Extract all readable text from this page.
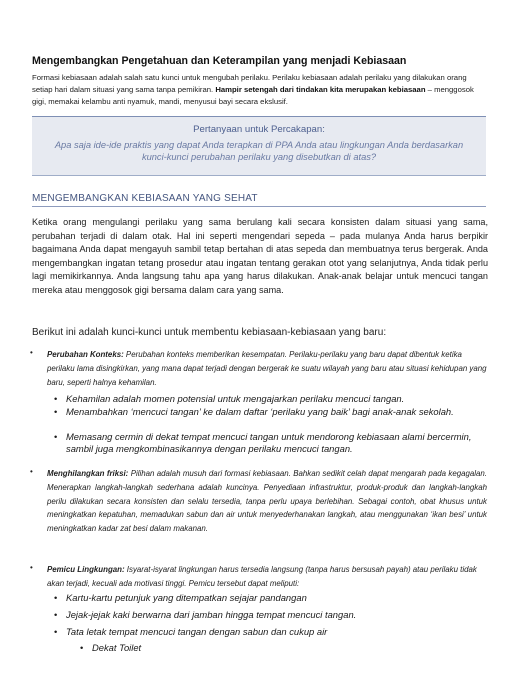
Mengembangkan Pengetahuan dan Keterampilan yang menjadi Kebiasaan
Formasi kebiasaan adalah salah satu kunci untuk mengubah perilaku. Perilaku kebiasaan adalah perilaku yang dilakukan orang setiap hari dalam situasi yang sama tanpa pemikiran. Hampir setengah dari tindakan kita merupakan kebiasaan – menggosok gigi, memakai kelambu anti nyamuk, mandi, menyusui bayi secara ekslusif.
Pertanyaan untuk Percakapan:
Apa saja ide-ide praktis yang dapat Anda terapkan di PPA Anda atau lingkungan Anda berdasarkan kunci-kunci perubahan perilaku yang disebutkan di atas?
MENGEMBANGKAN KEBIASAAN YANG SEHAT
Ketika orang mengulangi perilaku yang sama berulang kali secara konsisten dalam situasi yang sama, perubahan terjadi di dalam otak. Hal ini seperti mengendari sepeda – pada mulanya Anda harus berpikir bagaimana Anda dapat mengayuh sambil tetap bertahan di atas sepeda dan membuatnya terus bergerak. Anda mengembangkan ingatan tetang prosedur atau ingatan tentang gerakan otot yang selanjutnya, Anda tidak perlu lagi memikirkannya. Anda langsung tahu apa yang harus dilakukan. Anak-anak belajar untuk mencuci tangan mereka atau menggosok gigi bersama dalam cara yang sama.
Berikut ini adalah kunci-kunci untuk membentu kebiasaan-kebiasaan yang baru:
• Perubahan Konteks: Perubahan konteks memberikan kesempatan. Perilaku-perilaku yang baru dapat dibentuk ketika perilaku lama disingkirkan, yang mana dapat terjadi dengan bergerak ke suatu wilayah yang baru atau situasi kehidupan yang baru, seperti halnya kehamilan.
• Kehamilan adalah momen potensial untuk mengajarkan perilaku mencuci tangan.
• Menambahkan ‘mencuci tangan’ ke dalam daftar ‘perilaku yang baik’ bagi anak-anak sekolah.
• Memasang cermin di dekat tempat mencuci tangan untuk mendorong kebiasaan alami bercermin, sambil juga mengkombinasikannya dengan perilaku mencuci tangan.
• Menghilangkan friksi: Pilihan adalah musuh dari formasi kebiasaan. Bahkan sedikit celah dapat mengarah pada kegagalan. Menerapkan langkah-langkah sederhana adalah kuncinya. Penyediaan infrastruktur, produk-produk dan langkah-langkah perilu dilakukan secara konsisten dan selalu tersedia, tanpa perlu upaya berlebihan. Sebagai contoh, obat khusus untuk meningkatkan kepatuhan, memadukan sabun dan air untuk menyederhanakan langkah, atau menggunakan ‘ikan besi’ untuk meningkatkan kadar zat besi dalam makanan.
• Pemicu Lingkungan: Isyarat-isyarat lingkungan harus tersedia langsung (tanpa harus bersusah payah) atau perilaku tidak akan terjadi, kecuali ada motivasi tinggi. Pemicu tersebut dapat meliputi:
• Kartu-kartu petunjuk yang ditempatkan sejajar pandangan
• Jejak-jejak kaki berwarna dari jamban hingga tempat mencuci tangan.
• Tata letak tempat mencuci tangan dengan sabun dan cukup air
• Dekat Toilet
